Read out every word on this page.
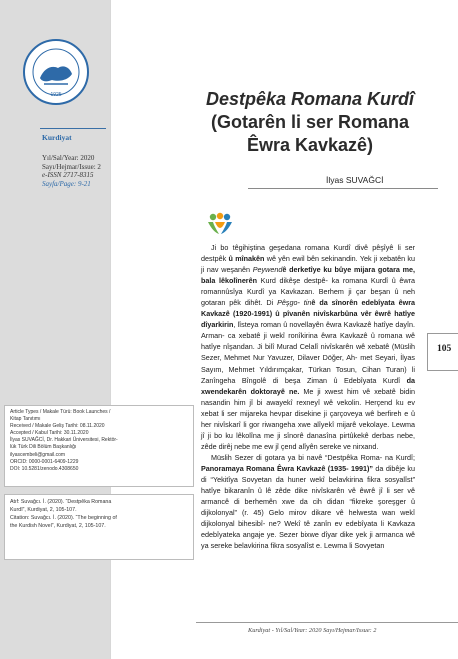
1925
Kurdiyat
Yıl/Sal/Year: 2020
Sayı/Hejmar/Issue: 2
e-ISSN 2717-8315
Sayfa/Page: 9-21
Destpêka Romana Kurdî
(Gotarên li ser Romana
Êwra Kavkazê)
İlyas SUVAĞCİ

Ji bo têgihiştina geşedana romana Kurdî divê pêşîyê li ser destpêk û mînakên wê yên ewil bên sekinandin. Yek ji xebatên ku ji nav weşanên Peywendê derketîye ku bûye mijara gotara me, bala lêkolînerên Kurd dikêşe destpê- ka romana Kurdî û êwra romannûsîya Kurdî ya Kavkazan. Berhem ji çar beşan û neh gotaran pêk dihêt. Di Pêşgo- tinê da sînorên edebîyata êwra Kavkazê (1920-1991) û pîvanên nivîskarbûna vêr êwrê hatîye dîyarkirin, lîsteya roman û novellayên êwra Kavkazê hatîye dayîn. Arman- ca xebatê ji wekî ronîkirina êwra Kavkazê û romana wê hatîye nîşandan. Ji bilî Murad Celalî nivîskarên wê xebatê (Müslih Sezer, Mehmet Nur Yavuzer, Dilaver Döğer, Ah- met Seyari, İlyas Sayım, Mehmet Yıldırımçakar, Türkan Tosun, Cihan Turan) li Zanîngeha Bîngolê di beşa Ziman û Edebîyata Kurdî da xwendekarên doktorayê ne. Me ji xwest him vê xebatê bidin nasandin him jî bi awayekî rexneyî wê vekolin. Herçend ku ev xebat li ser mijareka hevpar disekine ji çarçoveya wê berfireh e û her nivîskarî li gor riwangeha xwe alîyekî mijarê vekolaye. Lewma jî ji bo ku lêkolîna me ji sînorê danasîna pirtûkekê derbas nebe, zêde dirêj nebe me ew jî çend alîyên sereke ve nirxand.

Müslih Sezer di gotara ya bi navê “Destpêka Roma- na Kurdî; Panoramaya Romana Êwra Kavkazê (1935- 1991)” da dibêje ku di “Yekitîya Sovyetan da huner wekî belavkirina fikra sosyalîst” hatîye bikaranîn û lê zêde dike nivîskarên vê êwrê jî li ser vê armancê di berhemên xwe da cih didan “fikreke şoreşger û dijkolonyal” (r. 45) Gelo mirov dikare vê helwesta wan wekî dijkolonyal bihesibî- ne? Wekî tê zanîn ev edebîyata li Kavkaza edebîyateka angaje ye. Sezer bixwe dîyar dike yek ji armanca wê ya sereke belavkirina fikra sosyalîst e. Lewma li Sovyetan

105
Article Types / Makale Türü: Book Launches /
Kitap Tanıtımı
Received / Makale Geliş Tarihi: 08.11.2020
Accepted / Kabul Tarihi: 30.11.2020
İlyas SUVAĞCİ, Dr. Hakkari Üniversitesi, Rektör-
lük Türk Dili Bölüm Başkanlığı
ilyascembeli@gmail.com
ORCID: 0000-0001-6409-1229
DOI: 10.5281/zenodo.4308650
Atıf: Suvağcı. İ. (2020). “Destpêka Romana
Kurdî”, Kurdiyat, 2, 105-107.
Citation: Suvağcı. İ. (2020). “The beginning of
the Kurdish Novel”, Kurdiyat, 2, 105-107.
Kurdiyat - Yıl/Sal/Year: 2020 Sayı/Hejmar/Issue: 2
